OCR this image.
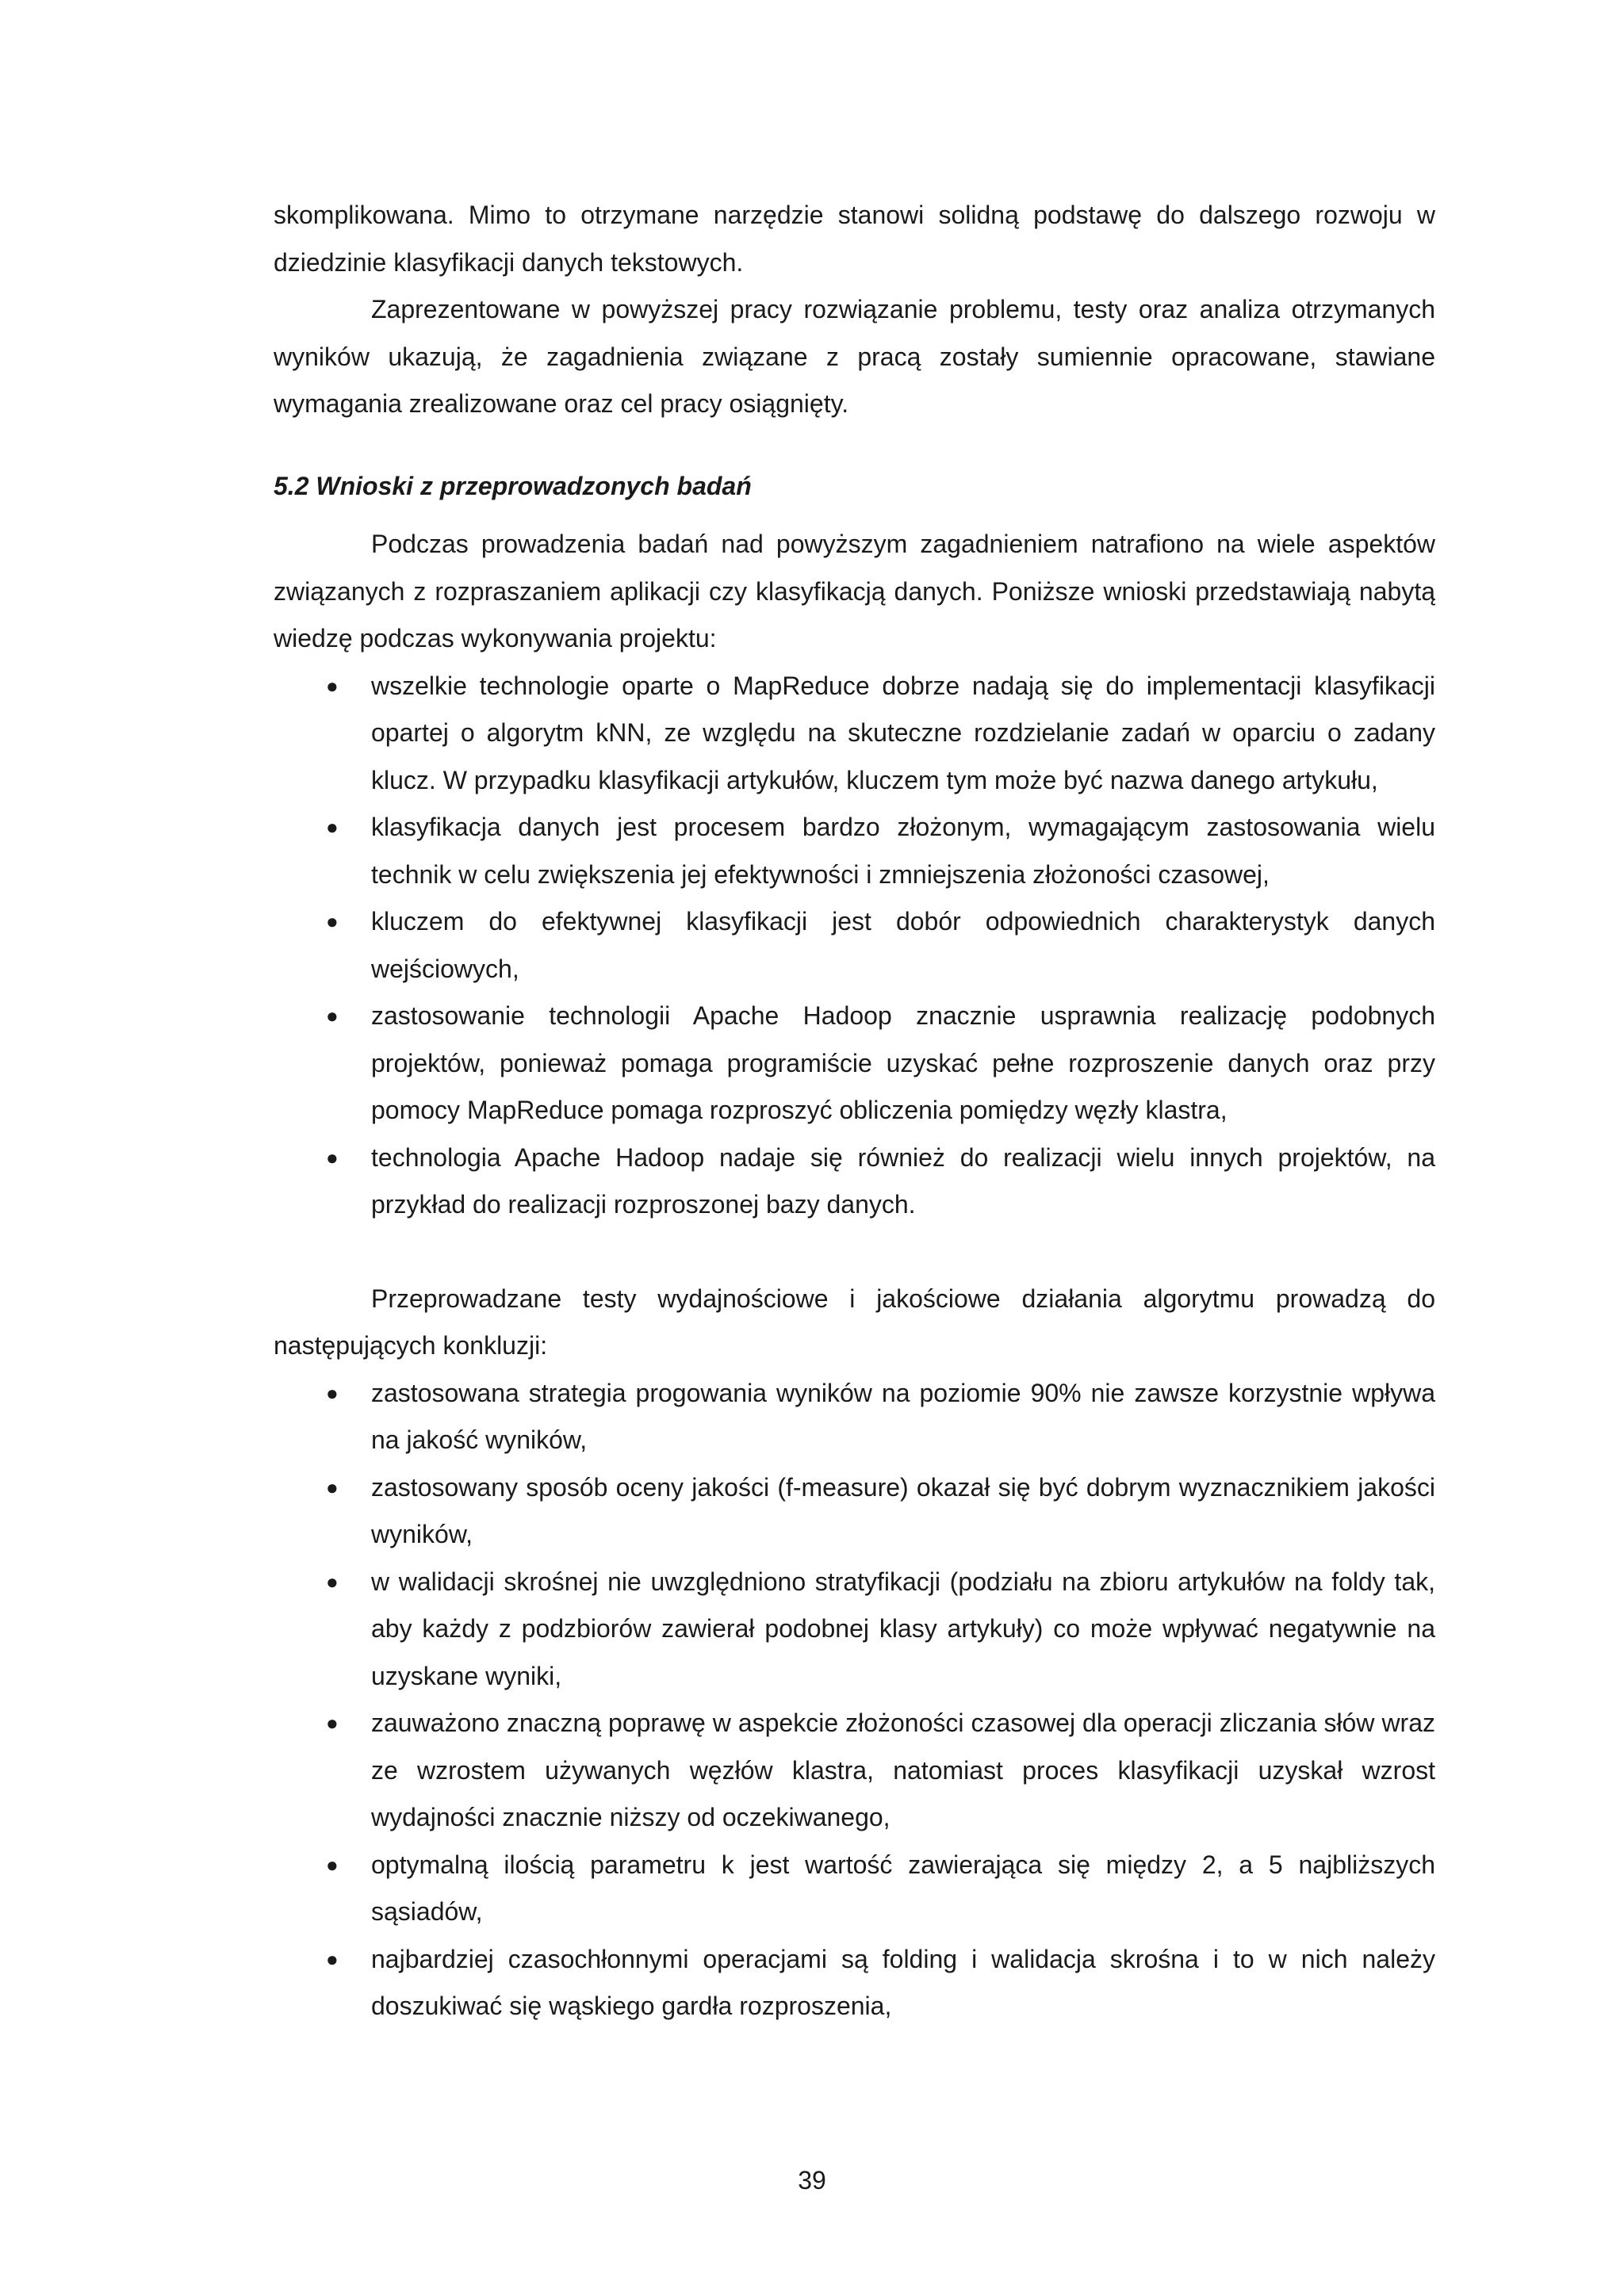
skomplikowana. Mimo to otrzymane narzędzie stanowi solidną podstawę do dalszego rozwoju w dziedzinie klasyfikacji danych tekstowych.

Zaprezentowane w powyższej pracy rozwiązanie problemu, testy oraz analiza otrzymanych wyników ukazują, że zagadnienia związane z pracą zostały sumiennie opracowane, stawiane wymagania zrealizowane oraz cel pracy osiągnięty.

5.2 Wnioski z przeprowadzonych badań

Podczas prowadzenia badań nad powyższym zagadnieniem natrafiono na wiele aspektów związanych z rozpraszaniem aplikacji czy klasyfikacją danych. Poniższe wnioski przedstawiają nabytą wiedzę podczas wykonywania projektu:

● wszelkie technologie oparte o MapReduce dobrze nadają się do implementacji klasyfikacji opartej o algorytm kNN, ze względu na skuteczne rozdzielanie zadań w oparciu o zadany klucz. W przypadku klasyfikacji artykułów, kluczem tym może być nazwa danego artykułu,
● klasyfikacja danych jest procesem bardzo złożonym, wymagającym zastosowania wielu technik w celu zwiększenia jej efektywności i zmniejszenia złożoności czasowej,
● kluczem do efektywnej klasyfikacji jest dobór odpowiednich charakterystyk danych wejściowych,
● zastosowanie technologii Apache Hadoop znacznie usprawnia realizację podobnych projektów, ponieważ pomaga programiście uzyskać pełne rozproszenie danych oraz przy pomocy MapReduce pomaga rozproszyć obliczenia pomiędzy węzły klastra,
● technologia Apache Hadoop nadaje się również do realizacji wielu innych projektów, na przykład do realizacji rozproszonej bazy danych.

Przeprowadzane testy wydajnościowe i jakościowe działania algorytmu prowadzą do następujących konkluzji:

● zastosowana strategia progowania wyników na poziomie 90% nie zawsze korzystnie wpływa na jakość wyników,
● zastosowany sposób oceny jakości (f-measure) okazał się być dobrym wyznacznikiem jakości wyników,
● w walidacji skrośnej nie uwzględniono stratyfikacji (podziału na zbioru artykułów na foldy tak, aby każdy z podzbiorów zawierał podobnej klasy artykuły) co może wpływać negatywnie na uzyskane wyniki,
● zauważono znaczną poprawę w aspekcie złożoności czasowej dla operacji zliczania słów wraz ze wzrostem używanych węzłów klastra, natomiast proces klasyfikacji uzyskał wzrost wydajności znacznie niższy od oczekiwanego,
● optymalną ilością parametru k jest wartość zawierająca się między 2, a 5 najbliższych sąsiadów,
● najbardziej czasochłonnymi operacjami są folding i walidacja skrośna i to w nich należy doszukiwać się wąskiego gardła rozproszenia,
39
